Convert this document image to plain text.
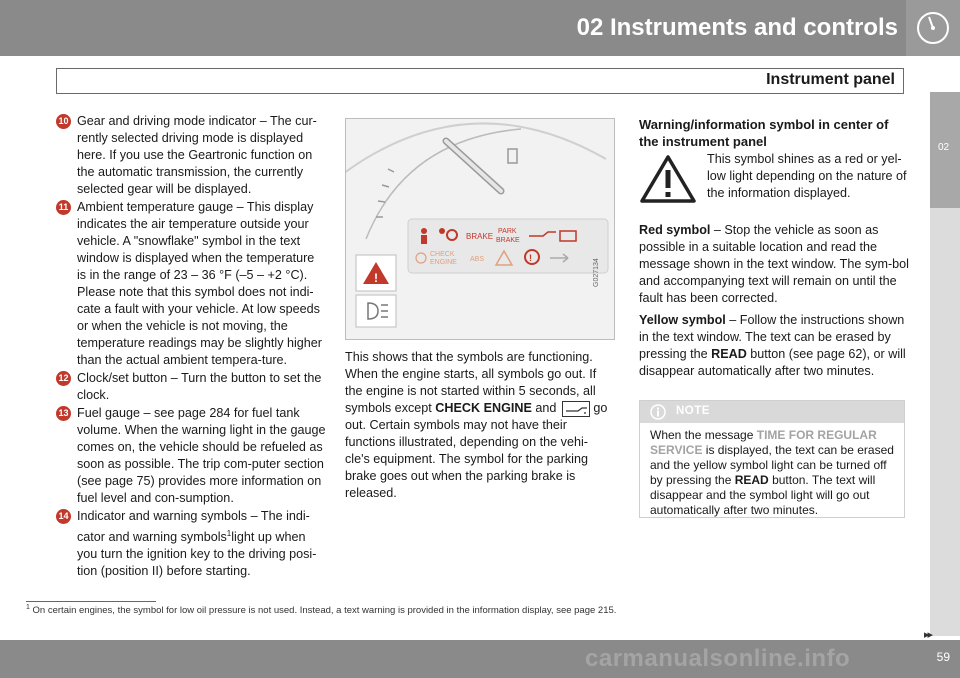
02 Instruments and controls
Instrument panel
02
10 Gear and driving mode indicator – The cur-rently selected driving mode is displayed here. If you use the Geartronic function on the automatic transmission, the currently selected gear will be displayed.
11 Ambient temperature gauge – This display indicates the air temperature outside your vehicle. A "snowflake" symbol in the text window is displayed when the temperature is in the range of 23 – 36 °F (–5 – +2 °C). Please note that this symbol does not indi-cate a fault with your vehicle. At low speeds or when the vehicle is not moving, the temperature readings may be slightly higher than the actual ambient tempera-ture.
12 Clock/set button – Turn the button to set the clock.
13 Fuel gauge – see page 284 for fuel tank volume. When the warning light in the gauge comes on, the vehicle should be refueled as soon as possible. The trip com-puter section (see page 75) provides more information on fuel level and con-sumption.
14 Indicator and warning symbols – The indi-cator and warning symbols$^1$light up when you turn the ignition key to the driving posi-tion (position II) before starting.
BRAKE
PARK
BRAKE
CHECK
ENGINE ABS	!
!	G027134

This shows that the symbols are functioning. When the engine starts, all symbols go out. If the engine is not started within 5 seconds, all symbols except CHECK ENGINE and	go out. Certain symbols may not have their functions illustrated, depending on the vehi-cle's equipment. The symbol for the parking brake goes out when the parking brake is released.

Warning/information symbol in center of the instrument panel
This symbol shines as a red or yel-low light depending on the nature of the information displayed.

Red symbol – Stop the vehicle as soon as possible in a suitable location and read the message shown in the text window. The sym-bol and accompanying text will remain on until the fault has been corrected.

Yellow symbol – Follow the instructions shown in the text window. The text can be erased by pressing the READ button (see page 62), or will disappear automatically after two minutes.

NOTE
When the message TIME FOR REGULAR SERVICE is displayed, the text can be erased and the yellow symbol light can be turned off by pressing the READ button. The text will disappear and the symbol light will go out automatically after two minutes.
$^1$ On certain engines, the symbol for low oil pressure is not used. Instead, a text warning is provided in the information display, see page 215.
carmanualsonline.info
▸▸
59
